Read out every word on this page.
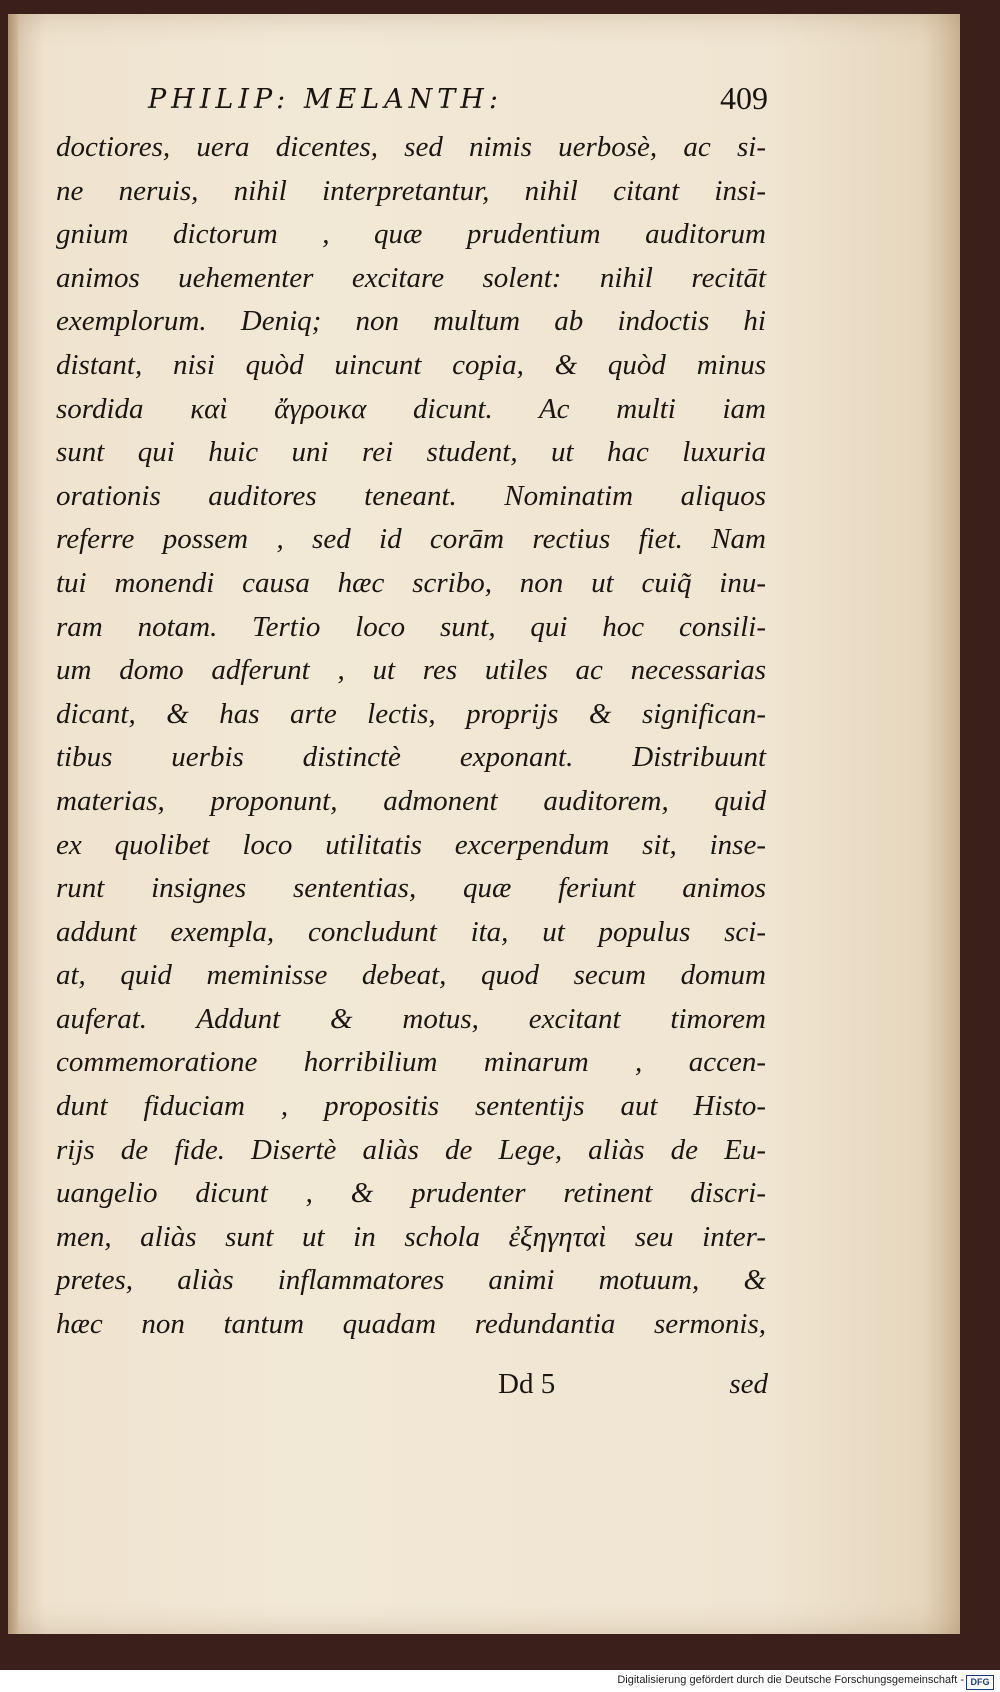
PHILIP: MELANTH:	409
doctiores, uera dicentes, sed nimis uerbosè, ac si-
ne neruis, nihil interpretantur, nihil citant insi-
gnium dictorum , quæ prudentium auditorum
animos uehementer excitare solent: nihil recitāt
exemplorum. Deniq; non multum ab indoctis hi
distant, nisi quòd uincunt copia, & quòd minus
sordida καὶ ἄγροικα dicunt. Ac multi iam
sunt qui huic uni rei student, ut hac luxuria
orationis auditores teneant. Nominatim aliquos
referre possem , sed id corām rectius fiet. Nam
tui monendi causa hæc scribo, non ut cuiq̃ inu-
ram notam. Tertio loco sunt, qui hoc consili-
um domo adferunt , ut res utiles ac necessarias
dicant, & has arte lectis, proprijs & significan-
tibus uerbis distinctè exponant. Distribuunt
materias, proponunt, admonent auditorem, quid
ex quolibet loco utilitatis excerpendum sit, inse-
runt insignes sententias, quæ feriunt animos
addunt exempla, concludunt ita, ut populus sci-
at, quid meminisse debeat, quod secum domum
auferat. Addunt & motus, excitant timorem
commemoratione horribilium minarum , accen-
dunt fiduciam , propositis sententijs aut Histo-
rijs de fide. Disertè aliàs de Lege, aliàs de Eu-
uangelio dicunt , & prudenter retinent discri-
men, aliàs sunt ut in schola ἐξηγηταὶ seu inter-
pretes, aliàs inflammatores animi motuum, &
hæc non tantum quadam redundantia sermonis,
Dd 5	sed
Digitalisierung gefördert durch die Deutsche Forschungsgemeinschaft - DFG
